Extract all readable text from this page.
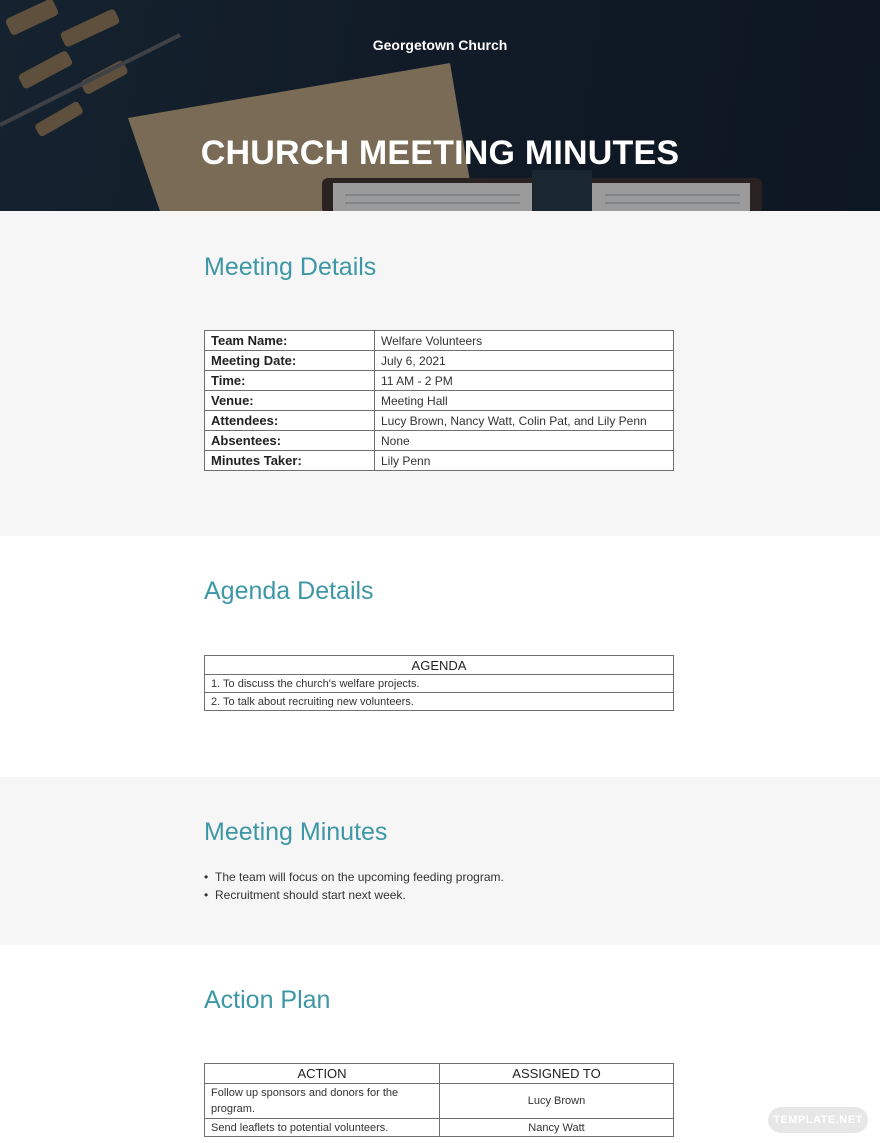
Georgetown Church
CHURCH MEETING MINUTES
Meeting Details
Team Name:	Welfare Volunteers
Meeting Date:	July 6, 2021
Time:	11 AM - 2 PM
Venue:	Meeting Hall
Attendees:	Lucy Brown, Nancy Watt, Colin Pat, and Lily Penn
Absentees:	None
Minutes Taker:	Lily Penn
Agenda Details
AGENDA
1. To discuss the church's welfare projects.
2. To talk about recruiting new volunteers.
Meeting Minutes
• The team will focus on the upcoming feeding program.
• Recruitment should start next week.
Action Plan
ACTION	ASSIGNED TO
Follow up sponsors and donors for the program.	Lucy Brown
Send leaflets to potential volunteers.	Nancy Watt
TEMPLATE.NET
